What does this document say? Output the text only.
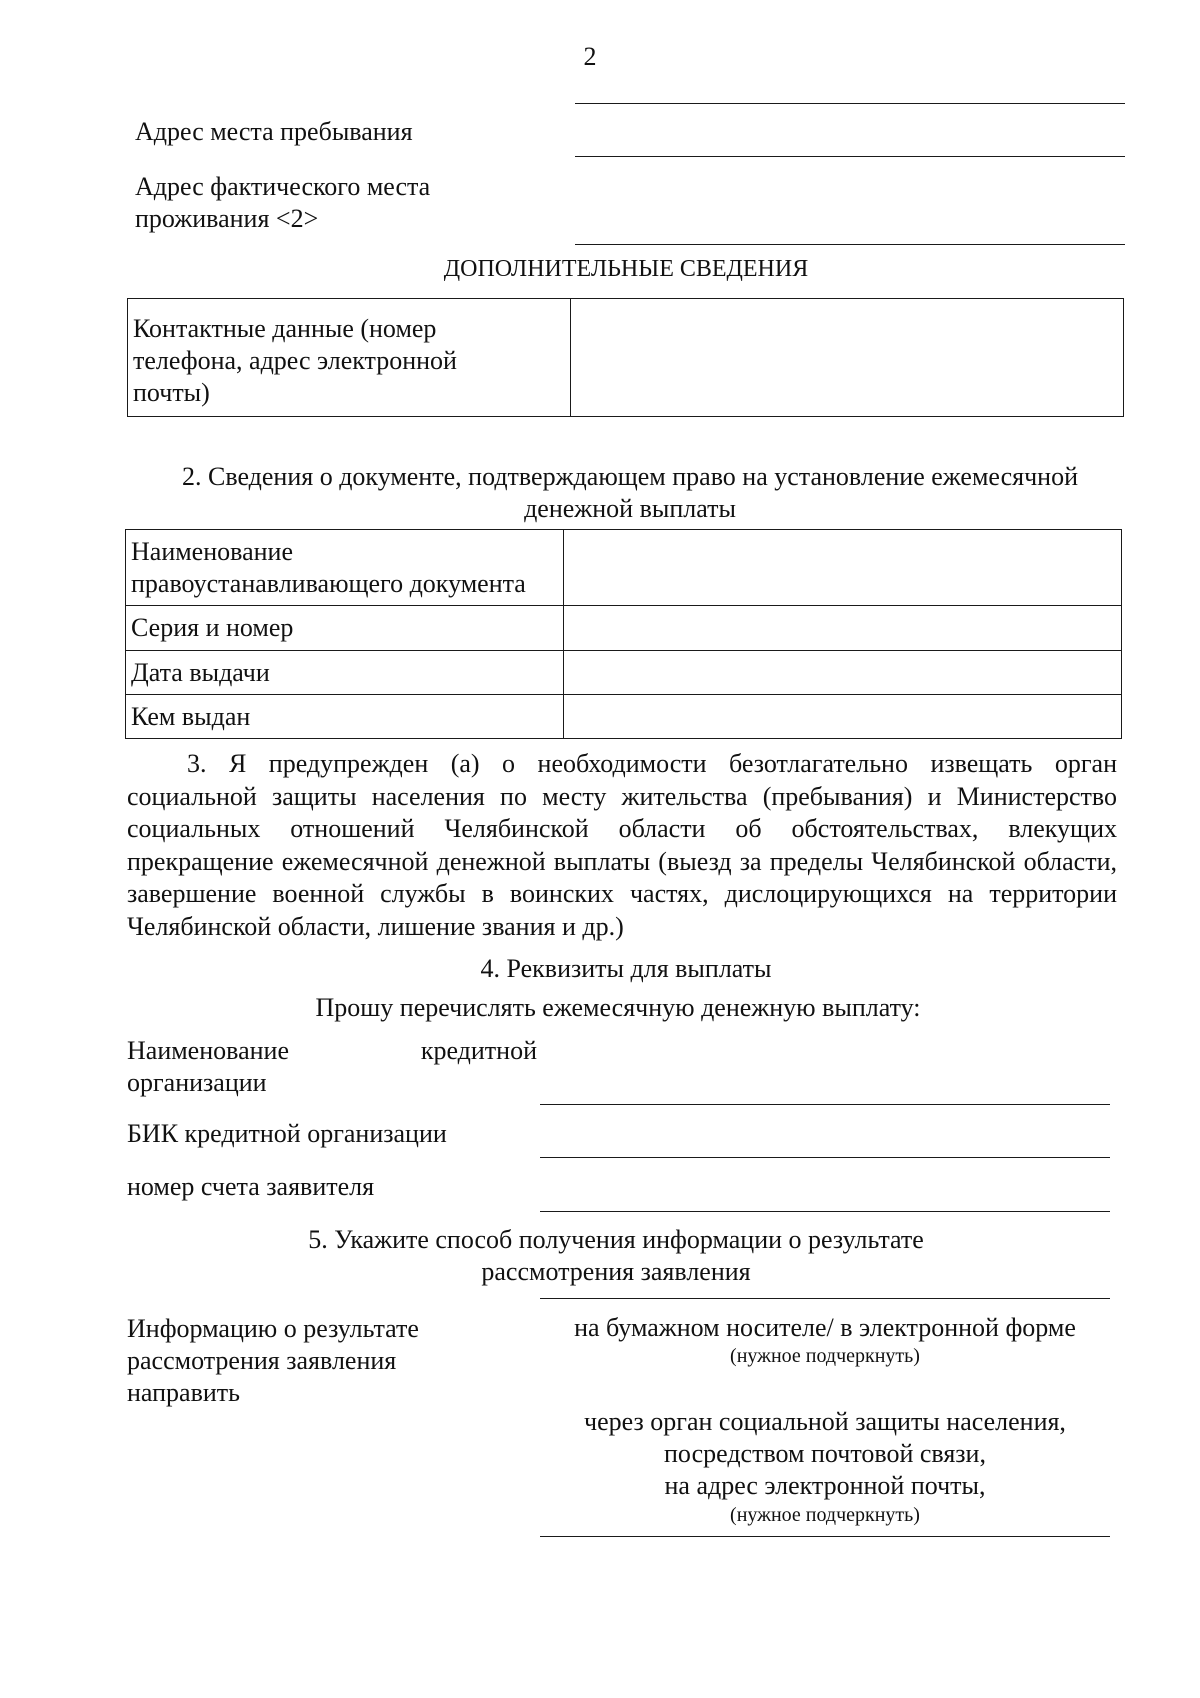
2
Адрес места пребывания
Адрес фактического места
проживания <2>
ДОПОЛНИТЕЛЬНЫЕ СВЕДЕНИЯ
Контактные данные (номер
телефона, адрес электронной
почты)

2. Сведения о документе, подтверждающем право на установление ежемесячной
денежной выплаты
Наименование
правоустанавливающего документа	

Серия и номер	

Дата выдачи	

Кем выдан	

3. Я предупрежден (а) о необходимости безотлагательно извещать орган социальной защиты населения по месту жительства (пребывания) и Министерство социальных отношений Челябинской области об обстоятельствах, влекущих прекращение ежемесячной денежной выплаты (выезд за пределы Челябинской области, завершение военной службы в воинских частях, дислоцирующихся на территории Челябинской области, лишение звания и др.)
4. Реквизиты для выплаты
Прошу перечислять ежемесячную денежную выплату:
Наименование	кредитной
организации
БИК кредитной организации
номер счета заявителя
5. Укажите способ получения информации о результате
рассмотрения заявления
Информацию о результате
рассмотрения заявления
направить
на бумажном носителе/ в электронной форме
(нужное подчеркнуть)
через орган социальной защиты населения,
посредством почтовой связи,
на адрес электронной почты,
(нужное подчеркнуть)
